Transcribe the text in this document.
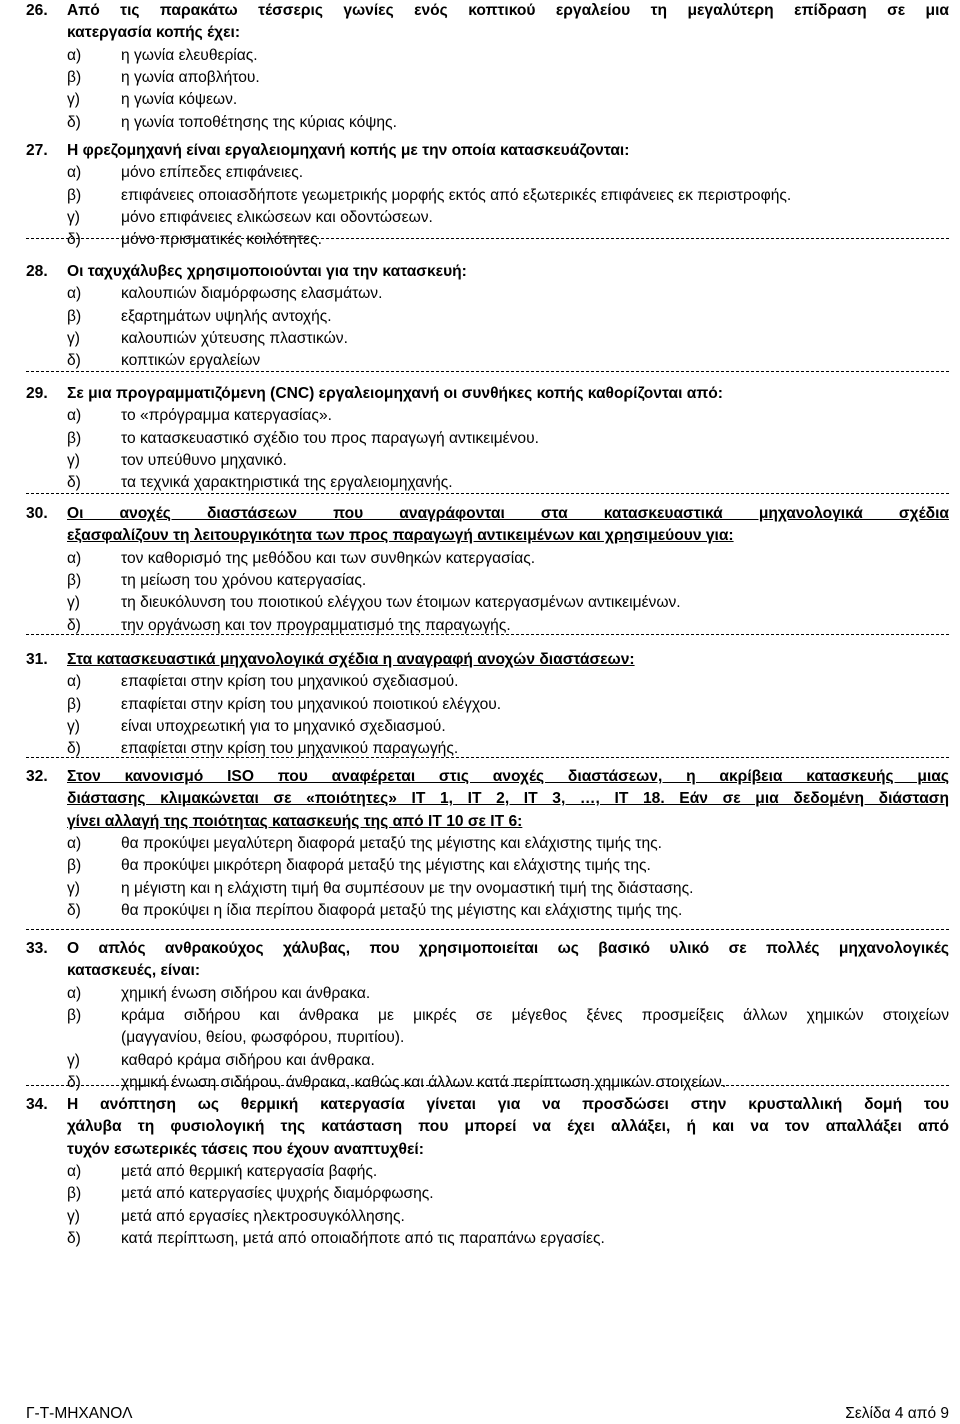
26. Από τις παρακάτω τέσσερις γωνίες ενός κοπτικού εργαλείου τη μεγαλύτερη επίδραση σε μια
κατεργασία κοπής έχει:
α)	η γωνία ελευθερίας.
β)	η γωνία αποβλήτου.
γ)	η γωνία κόψεων.
δ)	η γωνία τοποθέτησης της κύριας κόψης.
27. Η φρεζομηχανή είναι εργαλειομηχανή κοπής με την οποία κατασκευάζονται:
α)	μόνο επίπεδες επιφάνειες.
β)	επιφάνειες οποιασδήποτε γεωμετρικής μορφής εκτός από εξωτερικές επιφάνειες εκ περιστροφής.
γ)	μόνο επιφάνειες ελικώσεων και οδοντώσεων.
δ)	μόνο πρισματικές κοιλότητες.
28. Οι ταχυχάλυβες χρησιμοποιούνται για την κατασκευή:
α)	καλουπιών διαμόρφωσης ελασμάτων.
β)	εξαρτημάτων υψηλής αντοχής.
γ)	καλουπιών χύτευσης πλαστικών.
δ)	κοπτικών εργαλείων
29. Σε μια προγραμματιζόμενη (CNC) εργαλειομηχανή οι συνθήκες κοπής καθορίζονται από:
α)	το «πρόγραμμα κατεργασίας».
β)	το κατασκευαστικό σχέδιο του προς παραγωγή αντικειμένου.
γ)	τον υπεύθυνο μηχανικό.
δ)	τα τεχνικά χαρακτηριστικά της εργαλειομηχανής.
30. Οι ανοχές διαστάσεων που αναγράφονται στα κατασκευαστικά μηχανολογικά σχέδια
εξασφαλίζουν τη λειτουργικότητα των προς παραγωγή αντικειμένων και χρησιμεύουν για:
α)	τον καθορισμό της μεθόδου και των συνθηκών κατεργασίας.
β)	τη μείωση του χρόνου κατεργασίας.
γ)	τη διευκόλυνση του ποιοτικού ελέγχου των έτοιμων κατεργασμένων αντικειμένων.
δ)	την οργάνωση και τον προγραμματισμό της παραγωγής.
31. Στα κατασκευαστικά μηχανολογικά σχέδια η αναγραφή ανοχών διαστάσεων:
α)	επαφίεται στην κρίση του μηχανικού σχεδιασμού.
β)	επαφίεται στην κρίση του μηχανικού ποιοτικού ελέγχου.
γ)	είναι υποχρεωτική για το μηχανικό σχεδιασμού.
δ)	επαφίεται στην κρίση του μηχανικού παραγωγής.
32. Στον κανονισμό ISO που αναφέρεται στις ανοχές διαστάσεων, η ακρίβεια κατασκευής μιας
διάστασης κλιμακώνεται σε «ποιότητες» IT 1, IT 2, IT 3, …, IT 18. Εάν σε μια δεδομένη διάσταση
γίνει αλλαγή της ποιότητας κατασκευής της από IT 10 σε IT 6:
α)	θα προκύψει μεγαλύτερη διαφορά μεταξύ της μέγιστης και ελάχιστης τιμής της.
β)	θα προκύψει μικρότερη διαφορά μεταξύ της μέγιστης και ελάχιστης τιμής της.
γ)	η μέγιστη και η ελάχιστη τιμή θα συμπέσουν με την ονομαστική τιμή της διάστασης.
δ)	θα προκύψει η ίδια περίπου διαφορά μεταξύ της μέγιστης και ελάχιστης τιμής της.
33. Ο απλός ανθρακούχος χάλυβας, που χρησιμοποιείται ως βασικό υλικό σε πολλές μηχανολογικές
κατασκευές, είναι:
α)	χημική ένωση σιδήρου και άνθρακα.
β)	κράμα σιδήρου και άνθρακα με μικρές σε μέγεθος ξένες προσμείξεις άλλων χημικών στοιχείων
(μαγγανίου, θείου, φωσφόρου, πυριτίου).
γ)	καθαρό κράμα σιδήρου και άνθρακα.
δ)	χημική ένωση σιδήρου, άνθρακα, καθώς και άλλων κατά περίπτωση χημικών στοιχείων.
34. Η ανόπτηση ως θερμική κατεργασία γίνεται για να προσδώσει στην κρυσταλλική δομή του
χάλυβα τη φυσιολογική της κατάσταση που μπορεί να έχει αλλάξει, ή και να τον απαλλάξει από
τυχόν εσωτερικές τάσεις που έχουν αναπτυχθεί:
α)	μετά από θερμική κατεργασία βαφής.
β)	μετά από κατεργασίες ψυχρής διαμόρφωσης.
γ)	μετά από εργασίες ηλεκτροσυγκόλλησης.
δ)	κατά περίπτωση, μετά από οποιαδήποτε από τις παραπάνω εργασίες.
Γ-Τ-ΜΗΧΑΝΟΛ	Σελίδα 4 από 9
